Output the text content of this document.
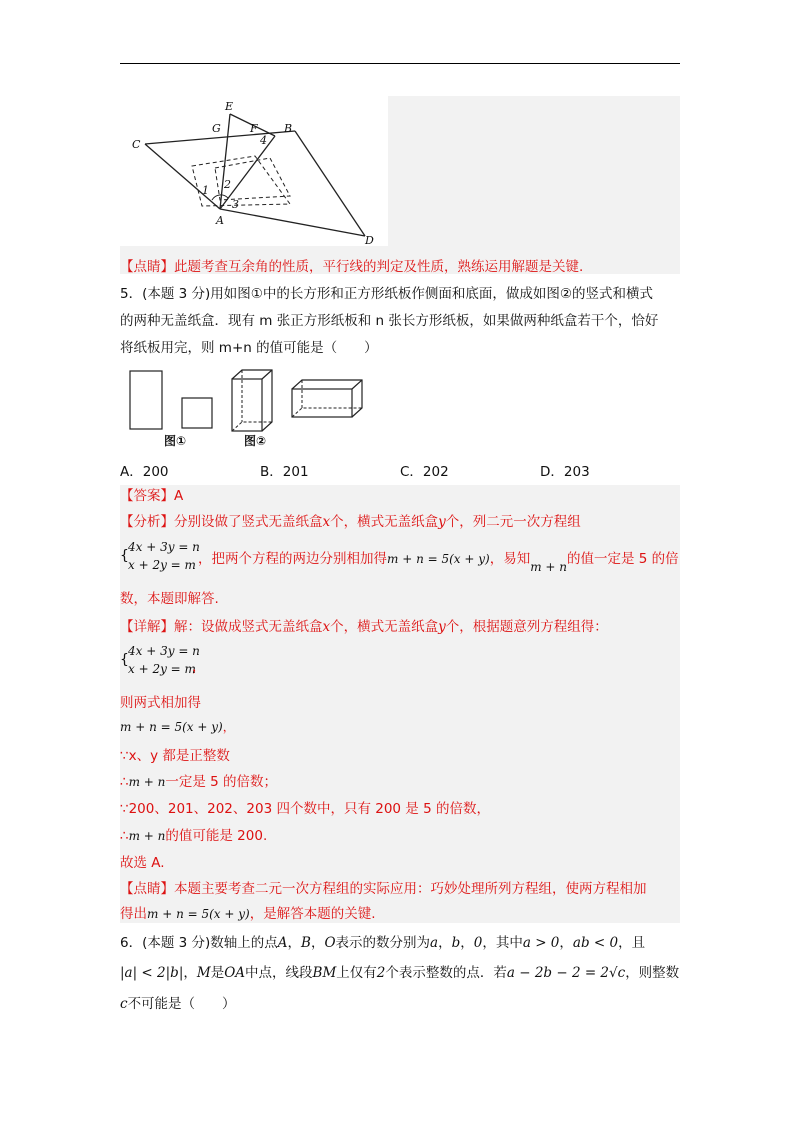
E
G	F B
C	4
1 2
3
A
D
【点睛】此题考查互余角的性质，平行线的判定及性质，熟练运用解题是关键.
5．(本题 3 分)用如图①中的长方形和正方形纸板作侧面和底面，做成如图②的竖式和横式
的两种无盖纸盒．现有 m 张正方形纸板和 n 张长方形纸板，如果做两种纸盒若干个，恰好
将纸板用完，则 m+n 的值可能是（　　）
图①	图②
A．200	B．201	C．202	D．203
【答案】A
【分析】分别设做了竖式无盖纸盒x个，横式无盖纸盒y个，列二元一次方程组
{
4x + 3y = n
x + 2y = m ，把两个方程的两边分别相加得m + n = 5(x + y)，易知m + n的值一定是 5 的倍
数，本题即解答.
【详解】解：设做成竖式无盖纸盒x个，横式无盖纸盒y个，根据题意列方程组得：
{
4x + 3y = n
x + 2y = m
，
则两式相加得
m + n = 5(x + y)，
∵x、y 都是正整数
∴m + n一定是 5 的倍数；
∵200、201、202、203 四个数中，只有 200 是 5 的倍数，
∴m + n的值可能是 200.
故选 A.
【点睛】本题主要考查二元一次方程组的实际应用：巧妙处理所列方程组，使两方程相加
得出m + n = 5(x + y)，是解答本题的关键.
6．(本题 3 分)数轴上的点A，B，O表示的数分别为a，b，0，其中a > 0，ab < 0，且
|a| < 2|b|，M是OA中点，线段BM上仅有2个表示整数的点．若a − 2b − 2 = 2√c，则整数
c不可能是（　　）
